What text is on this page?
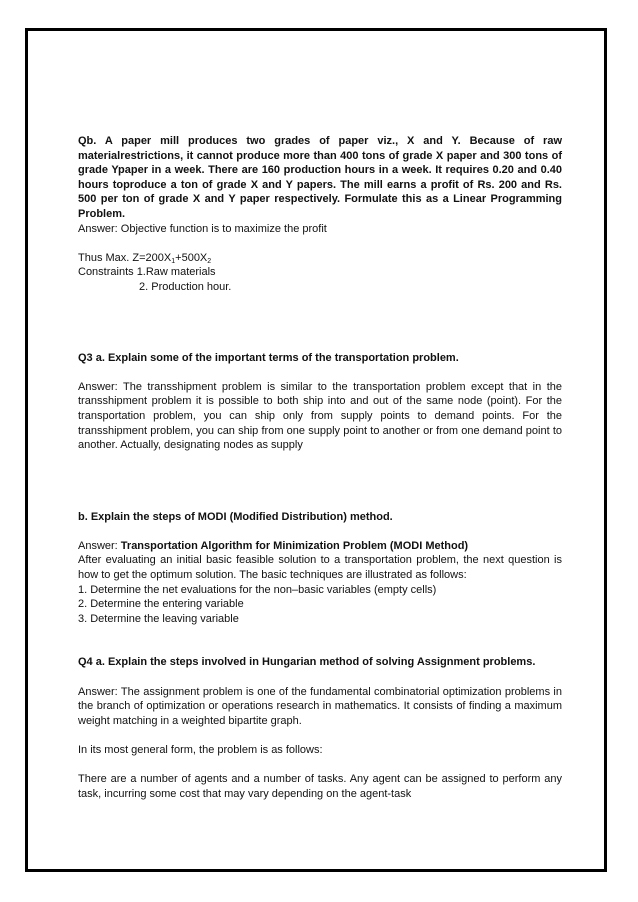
Qb. A paper mill produces two grades of paper viz., X and Y. Because of raw materialrestrictions, it cannot produce more than 400 tons of grade X paper and 300 tons of grade Ypaper in a week. There are 160 production hours in a week. It requires 0.20 and 0.40 hours toproduce a ton of grade X and Y papers. The mill earns a profit of Rs. 200 and Rs. 500 per ton of grade X and Y paper respectively. Formulate this as a Linear Programming Problem.

Answer: Objective function is to maximize the profit

Thus Max. $Z=200X_1+500X_2$

Constraints 1.Raw materials

2. Production hour.

Q3 a. Explain some of the important terms of the transportation problem.

Answer: The transshipment problem is similar to the transportation problem except that in the transshipment problem it is possible to both ship into and out of the same node (point). For the transportation problem, you can ship only from supply points to demand points. For the transshipment problem, you can ship from one supply point to another or from one demand point to another. Actually, designating nodes as supply

b. Explain the steps of MODI (Modified Distribution) method.

Answer: Transportation Algorithm for Minimization Problem (MODI Method)

After evaluating an initial basic feasible solution to a transportation problem, the next question is how to get the optimum solution. The basic techniques are illustrated as follows:

1. Determine the net evaluations for the non–basic variables (empty cells)

2. Determine the entering variable

3. Determine the leaving variable

Q4 a. Explain the steps involved in Hungarian method of solving Assignment problems.

Answer: The assignment problem is one of the fundamental combinatorial optimization problems in the branch of optimization or operations research in mathematics. It consists of finding a maximum weight matching in a weighted bipartite graph.

In its most general form, the problem is as follows:

There are a number of agents and a number of tasks. Any agent can be assigned to perform any task, incurring some cost that may vary depending on the agent-task
